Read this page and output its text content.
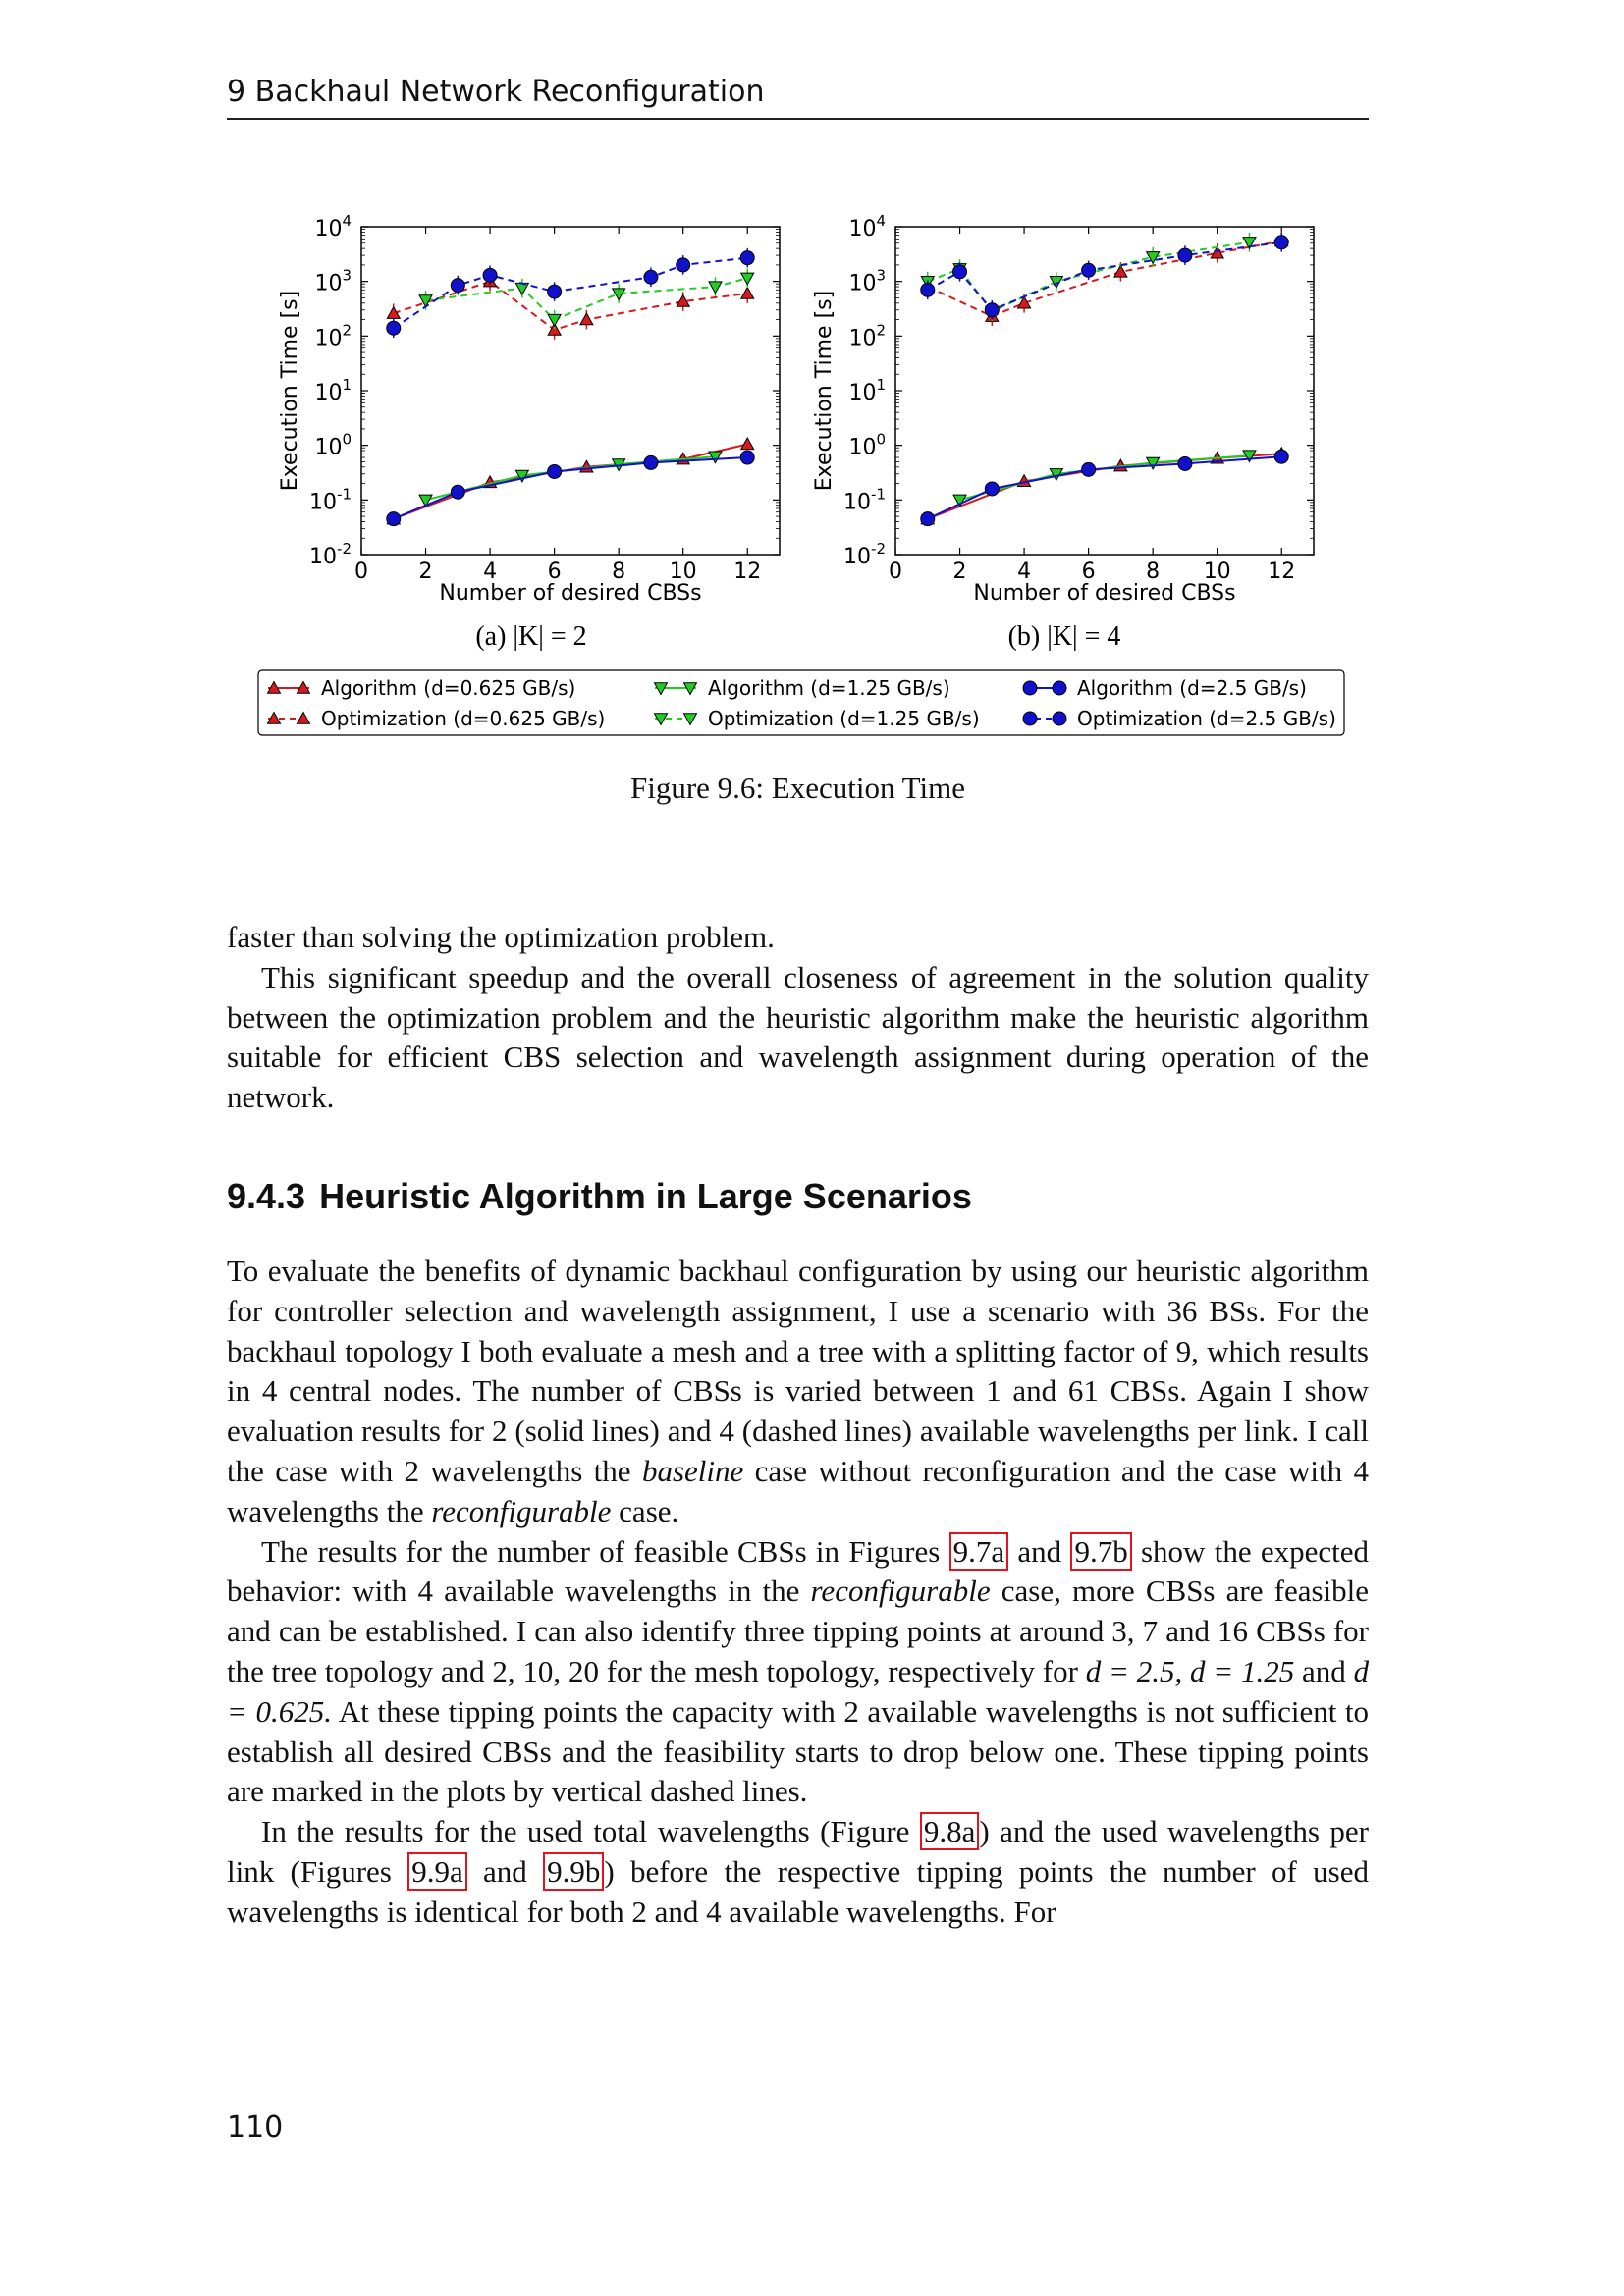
9 Backhaul Network Reconfiguration
$10^{-2}$
$10^{-1}$
$10^0$
$10^1$
$10^2$
$10^3$
$10^4$
0 2 4 6 8 10 12
Number of desired CBSs
Execution Time [s]
(a) |K| = 2
$10^{-2}$
$10^{-1}$
$10^0$
$10^1$
$10^2$
$10^3$
$10^4$
0 2 4 6 8 10 12
Number of desired CBSs
Execution Time [s]
(b) |K| = 4
Algorithm (d=0.625 GB/s)	Algorithm (d=1.25 GB/s)	Algorithm (d=2.5 GB/s)
Optimization (d=0.625 GB/s)	Optimization (d=1.25 GB/s)	Optimization (d=2.5 GB/s)
Figure 9.6: Execution Time

faster than solving the optimization problem.

This significant speedup and the overall closeness of agreement in the solution quality between the optimization problem and the heuristic algorithm make the heuristic algorithm suitable for efficient CBS selection and wavelength assignment during operation of the network.

9.4.3 Heuristic Algorithm in Large Scenarios

To evaluate the benefits of dynamic backhaul configuration by using our heuristic algorithm for controller selection and wavelength assignment, I use a scenario with 36 BSs. For the backhaul topology I both evaluate a mesh and a tree with a splitting factor of 9, which results in 4 central nodes. The number of CBSs is varied between 1 and 61 CBSs. Again I show evaluation results for 2 (solid lines) and 4 (dashed lines) available wavelengths per link. I call the case with 2 wavelengths the baseline case without reconfiguration and the case with 4 wavelengths the reconfigurable case.

The results for the number of feasible CBSs in Figures 9.7a and 9.7b show the expected behavior: with 4 available wavelengths in the reconfigurable case, more CBSs are feasible and can be established. I can also identify three tipping points at around 3, 7 and 16 CBSs for the tree topology and 2, 10, 20 for the mesh topology, respectively for d = 2.5, d = 1.25 and d = 0.625. At these tipping points the capacity with 2 available wavelengths is not sufficient to establish all desired CBSs and the feasibility starts to drop below one. These tipping points are marked in the plots by vertical dashed lines.

In the results for the used total wavelengths (Figure 9.8a ) and the used wavelengths per link (Figures 9.9a and 9.9b ) before the respective tipping points the number of used wavelengths is identical for both 2 and 4 available wavelengths. For

110
